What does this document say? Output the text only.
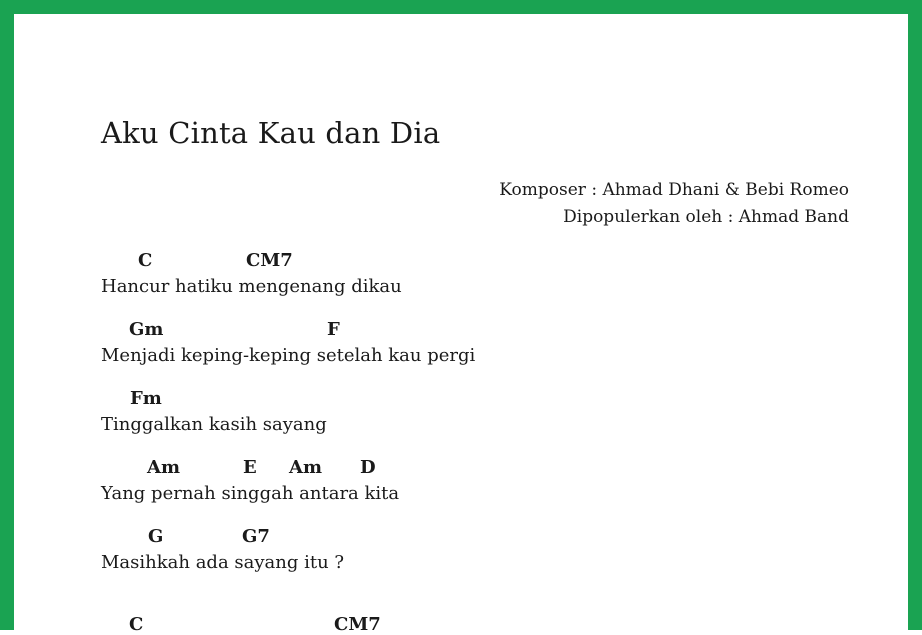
Aku Cinta Kau dan Dia
Komposer : Ahmad Dhani & Bebi Romeo
Dipopulerkan oleh : Ahmad Band
C	CM7
Hancur hatiku mengenang dikau
Gm	F
Menjadi keping-keping setelah kau pergi
Fm
Tinggalkan kasih sayang
Am	E Am D
Yang pernah singgah antara kita
G	G7
Masihkah ada sayang itu ?
C	CM7
